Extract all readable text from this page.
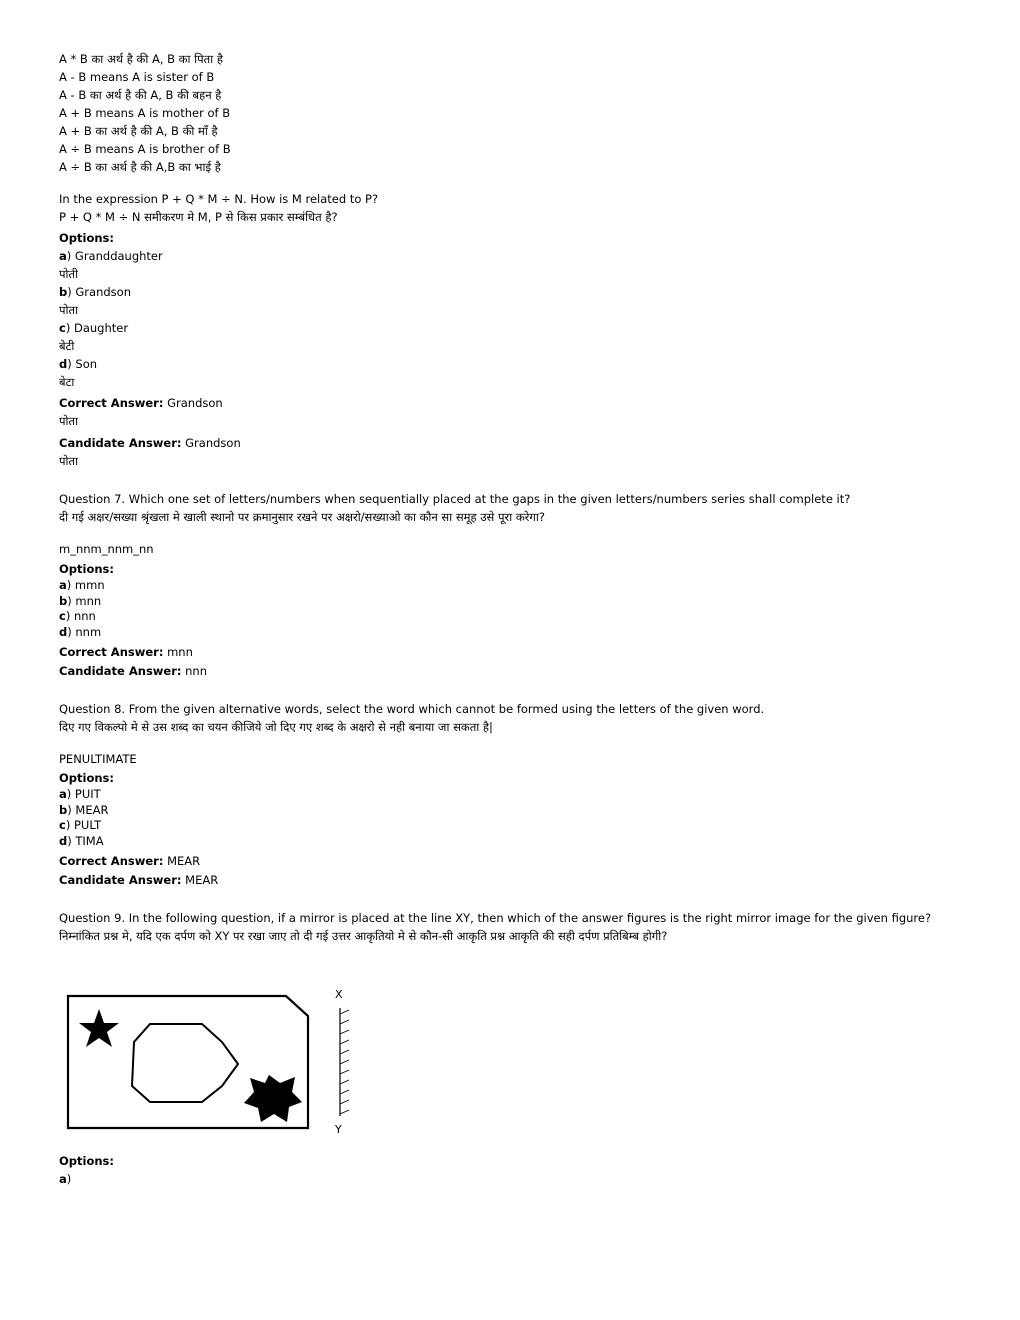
A * B का अर्थ है की A, B का पिता है
A - B means A is sister of B
A - B का अर्थ है की A, B की बहन है
A + B means A is mother of B
A + B का अर्थ है की A, B की माँ है
A ÷ B means A is brother of B
A ÷ B का अर्थ है की A,B का भाई है
In the expression P + Q * M ÷ N. How is M related to P?
P + Q * M ÷ N समीकरण मे M, P से किस प्रकार सम्बंधित है?
Options:
a) Granddaughter
पोती
b) Grandson
पोता
c) Daughter
बेटी
d) Son
बेटा
Correct Answer: Grandson
पोता
Candidate Answer: Grandson
पोता
Question 7. Which one set of letters/numbers when sequentially placed at the gaps in the given letters/numbers series shall complete it?
दी गई अक्षर/सख्या श्रृंखला मे खाली स्थानो पर क्रमानुसार रखने पर अक्षरो/सख्याओ का कौन सा समूह उसे पूरा करेगा?
m_nnm_nnm_nn
Options:
a) mmn
b) mnn
c) nnn
d) nnm
Correct Answer: mnn
Candidate Answer: nnn
Question 8. From the given alternative words, select the word which cannot be formed using the letters of the given word.
दिए गए विकल्पो मे से उस शब्द का चयन कीजिये जो दिए गए शब्द के अक्षरो से नही बनाया जा सकता है|
PENULTIMATE
Options:
a) PUIT
b) MEAR
c) PULT
d) TIMA
Correct Answer: MEAR
Candidate Answer: MEAR
Question 9. In the following question, if a mirror is placed at the line XY, then which of the answer figures is the right mirror image for the given figure?
निम्नांकित प्रश्न मे, यदि एक दर्पण को XY पर रखा जाए तो दी गई उत्तर आकृतियो मे से कौन-सी आकृति प्रश्न आकृति की सही दर्पण प्रतिबिम्ब होगी?
X
Y
Options:
a)
